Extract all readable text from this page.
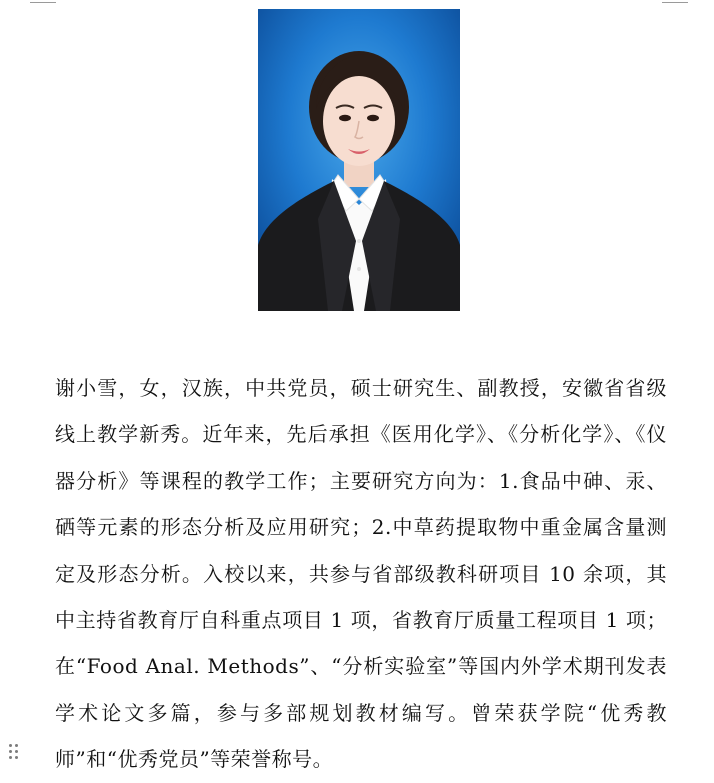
谢小雪，女，汉族，中共党员，硕士研究生、副教授，安徽省省级线上教学新秀。近年来，先后承担《医用化学》、《分析化学》、《仪器分析》等课程的教学工作；主要研究方向为：1.食品中砷、汞、硒等元素的形态分析及应用研究；2.中草药提取物中重金属含量测定及形态分析。入校以来，共参与省部级教科研项目 10 余项，其中主持省教育厅自科重点项目 1 项，省教育厅质量工程项目 1 项；在“Food Anal. Methods”、“分析实验室”等国内外学术期刊发表学术论文多篇，参与多部规划教材编写。曾荣获学院“优秀教师”和“优秀党员”等荣誉称号。
